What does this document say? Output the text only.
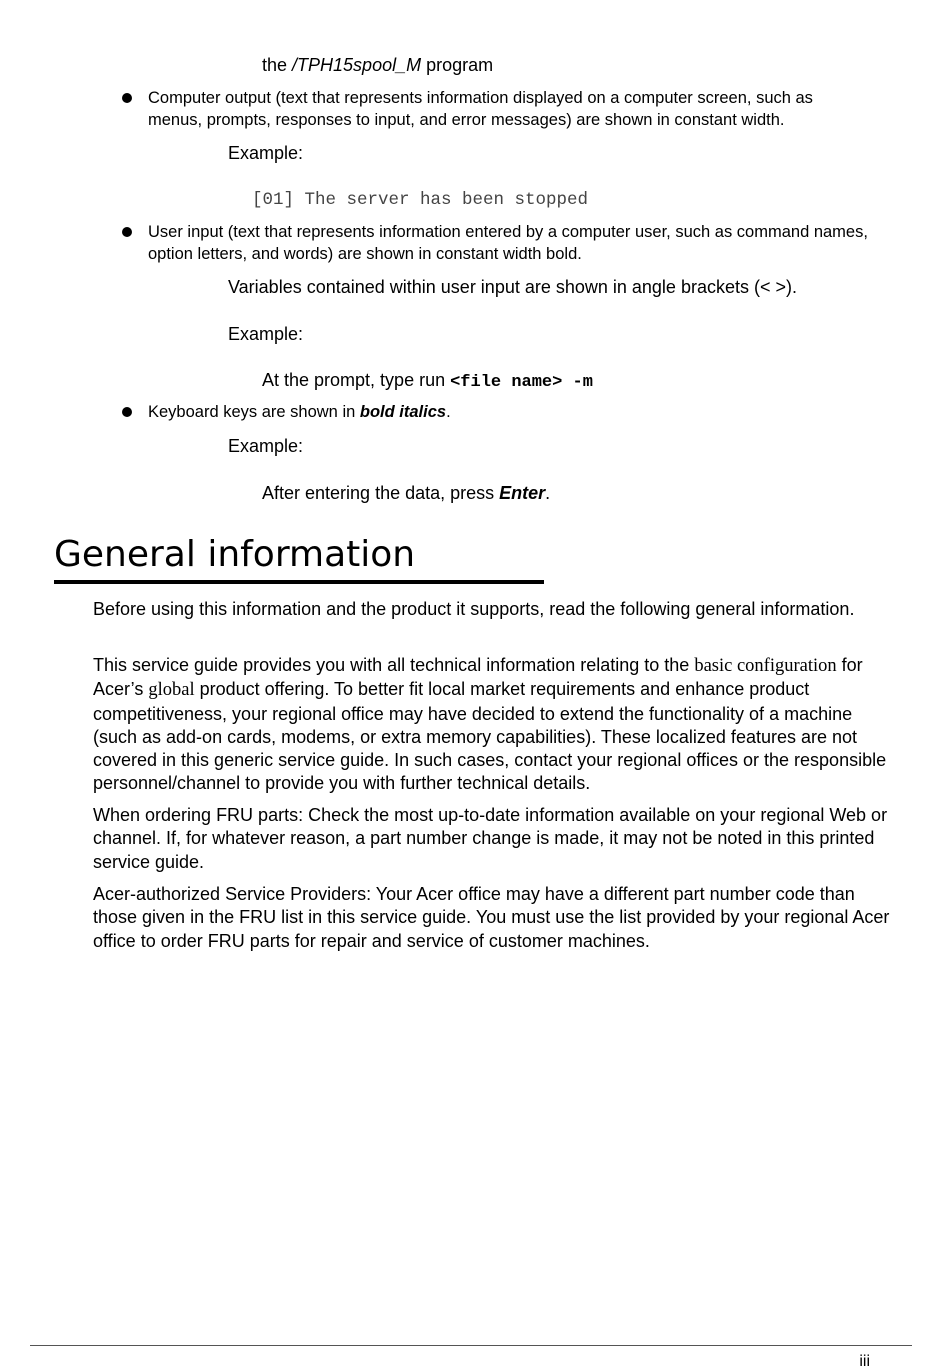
the /TPH15spool_M program
Computer output (text that represents information displayed on a computer screen, such as menus, prompts, responses to input, and error messages) are shown in constant width.
Example:
[01] The server has been stopped
User input (text that represents information entered by a computer user, such as command names, option letters, and words) are shown in constant width bold.
Variables contained within user input are shown in angle brackets (< >).
Example:
At the prompt, type run <file name> -m
Keyboard keys are shown in bold italics.
Example:
After entering the data, press Enter.
General information

Before using this information and the product it supports, read the following general information.

This service guide provides you with all technical information relating to the basic configuration for Acer’s global product offering. To better fit local market requirements and enhance product competitiveness, your regional office may have decided to extend the functionality of a machine (such as add-on cards, modems, or extra memory capabilities). These localized features are not covered in this generic service guide. In such cases, contact your regional offices or the responsible personnel/channel to provide you with further technical details.

When ordering FRU parts: Check the most up-to-date information available on your regional Web or channel. If, for whatever reason, a part number change is made, it may not be noted in this printed service guide.

Acer-authorized Service Providers: Your Acer office may have a different part number code than those given in the FRU list in this service guide. You must use the list provided by your regional Acer office to order FRU parts for repair and service of customer machines.

iii
